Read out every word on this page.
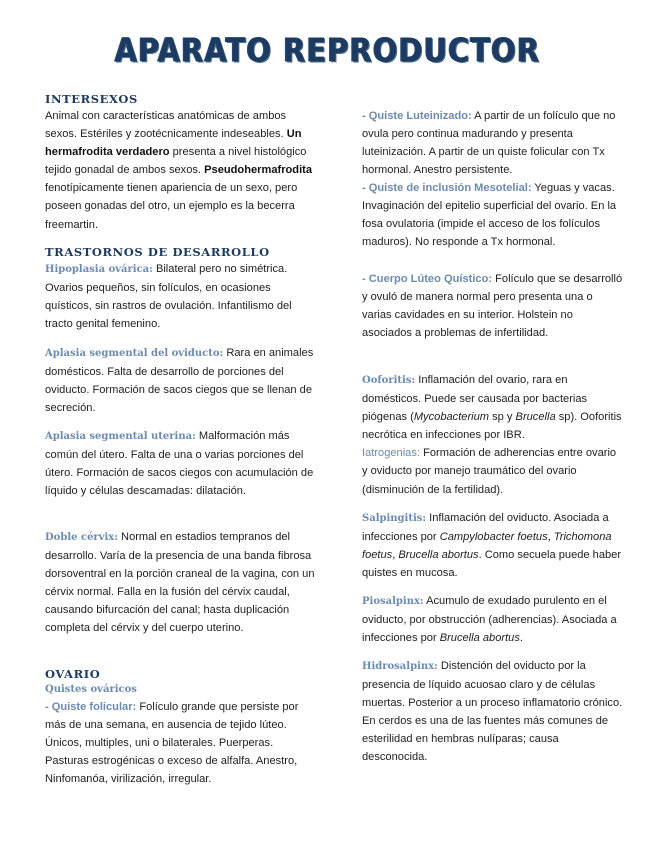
APARATO REPRODUCTOR
INTERSEXOS

Animal con características anatómicas de ambos sexos. Estériles y zootécnicamente indeseables. Un hermafrodita verdadero presenta a nivel histológico tejido gonadal de ambos sexos. Pseudohermafrodita fenotípicamente tienen apariencia de un sexo, pero poseen gonadas del otro, un ejemplo es la becerra freemartin.

TRASTORNOS DE DESARROLLO

Hipoplasia ovárica: Bilateral pero no simétrica. Ovarios pequeños, sin folículos, en ocasiones quísticos, sin rastros de ovulación. Infantilismo del tracto genital femenino.

Aplasia segmental del oviducto: Rara en animales domésticos. Falta de desarrollo de porciones del oviducto. Formación de sacos ciegos que se llenan de secreción.

Aplasia segmental uterina: Malformación más común del útero. Falta de una o varias porciones del útero. Formación de sacos ciegos con acumulación de líquido y células descamadas: dilatación.

Doble cérvix: Normal en estadios tempranos del desarrollo. Varía de la presencia de una banda fibrosa dorsoventral en la porción craneal de la vagina, con un cérvix normal. Falla en la fusión del cérvix caudal, causando bifurcación del canal; hasta duplicación completa del cérvix y del cuerpo uterino.

OVARIO
Quistes ováricos

- Quiste folicular: Folículo grande que persiste por más de una semana, en ausencia de tejido lúteo. Únicos, multiples, uni o bilaterales. Puerperas. Pasturas estrogénicas o exceso de alfalfa. Anestro, Ninfomanóa, virilización, irregular.

- Quiste Luteinizado: A partir de un folículo que no ovula pero continua madurando y presenta luteinización. A partir de un quiste folicular con Tx hormonal. Anestro persistente.

- Quiste de inclusión Mesotelial: Yeguas y vacas. Invaginación del epitelio superficial del ovario. En la fosa ovulatoria (impide el acceso de los folículos maduros). No responde a Tx hormonal.

- Cuerpo Lúteo Quístico: Folículo que se desarrolló y ovuló de manera normal pero presenta una o varias cavidades en su interior. Holstein no asociados a problemas de infertilidad.

Ooforitis: Inflamación del ovario, rara en domésticos. Puede ser causada por bacterias piógenas (Mycobacterium sp y Brucella sp). Ooforitis necrótica en infecciones por IBR.
Iatrogenias: Formación de adherencias entre ovario y oviducto por manejo traumático del ovario (disminución de la fertilidad).

Salpingitis: Inflamación del oviducto. Asociada a infecciones por Campylobacter foetus, Trichomona foetus, Brucella abortus. Como secuela puede haber quistes en mucosa.

Piosalpinx: Acumulo de exudado purulento en el oviducto, por obstrucción (adherencias). Asociada a infecciones por Brucella abortus.

Hidrosalpinx: Distención del oviducto por la presencia de líquido acuosao claro y de células muertas. Posterior a un proceso inflamatorio crónico. En cerdos es una de las fuentes más comunes de esterilidad en hembras nulíparas; causa desconocida.
